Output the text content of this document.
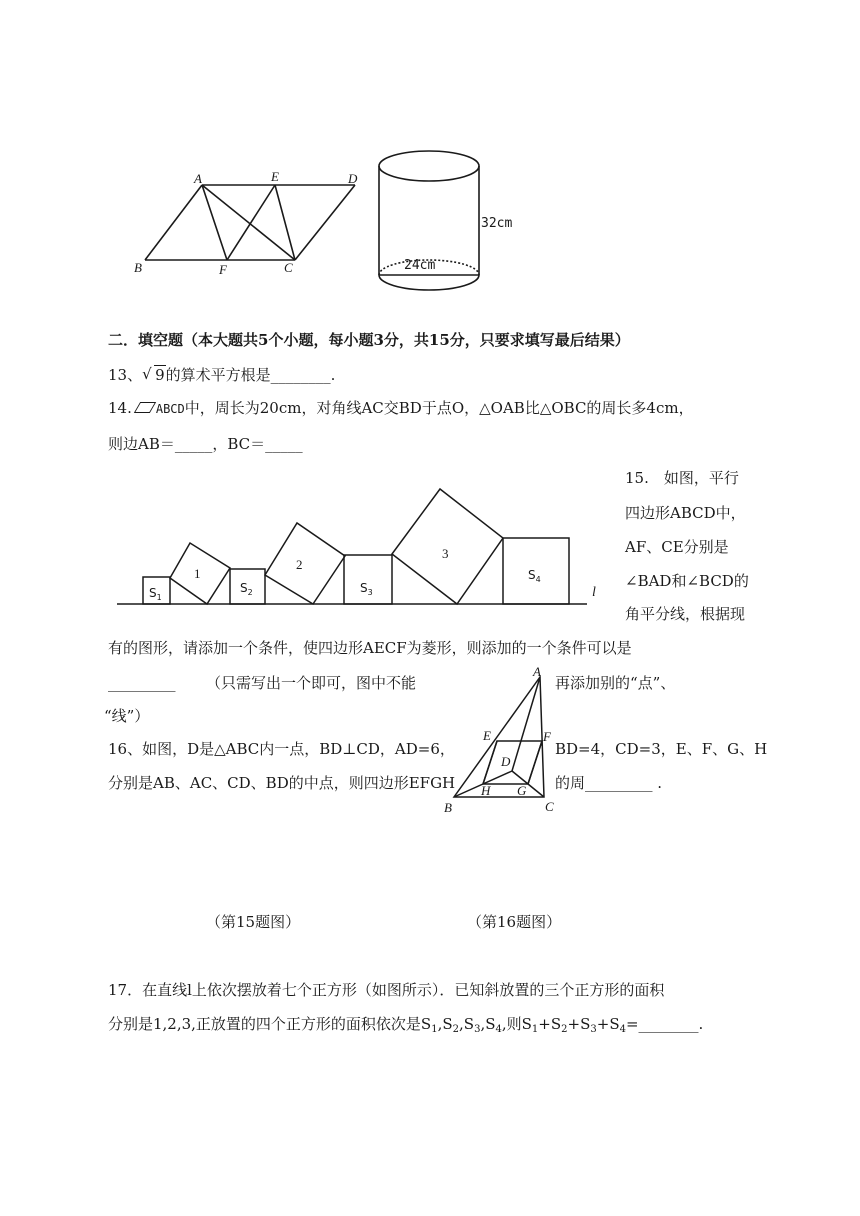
A	E	D
B	F	C
32cm
24cm
二．填空题（本大题共5个小题，每小题3分，共15分，只要求填写最后结果）
13、 √ 9的算术平方根是________.
14. ABCD中，周长为20cm，对角线AC交BD于点O，△OAB比△OBC的周长多4cm，
则边AB＝_____，BC＝_____
1
2
3
$S_1$
$S_2$	$S_3$
$S_4$
l
15.　如图，平行
四边形ABCD中，
AF、CE分别是
∠BAD和∠BCD的
角平分线，根据现
有的图形，请添加一个条件，使四边形AECF为菱形，则添加的一个条件可以是
_________ （只需写出一个即可，图中不能	再添加别的“点”、
“线”）
A
E	F
D
B
H G
C
16、如图，D是△ABC内一点，BD⊥CD，AD=6，	BD=4，CD=3，E、F、G、H
分别是AB、AC、CD、BD的中点，则四边形EFGH	的周_________ .
（第15题图）	（第16题图）
17．在直线l上依次摆放着七个正方形（如图所示）．已知斜放置的三个正方形的面积
分别是1,2,3,正放置的四个正方形的面积依次是$S_1,S_2,S_3,S_4$,则$S_1+S_2+S_3+S_4=\_\_\_\_\_\_\_\_$.
